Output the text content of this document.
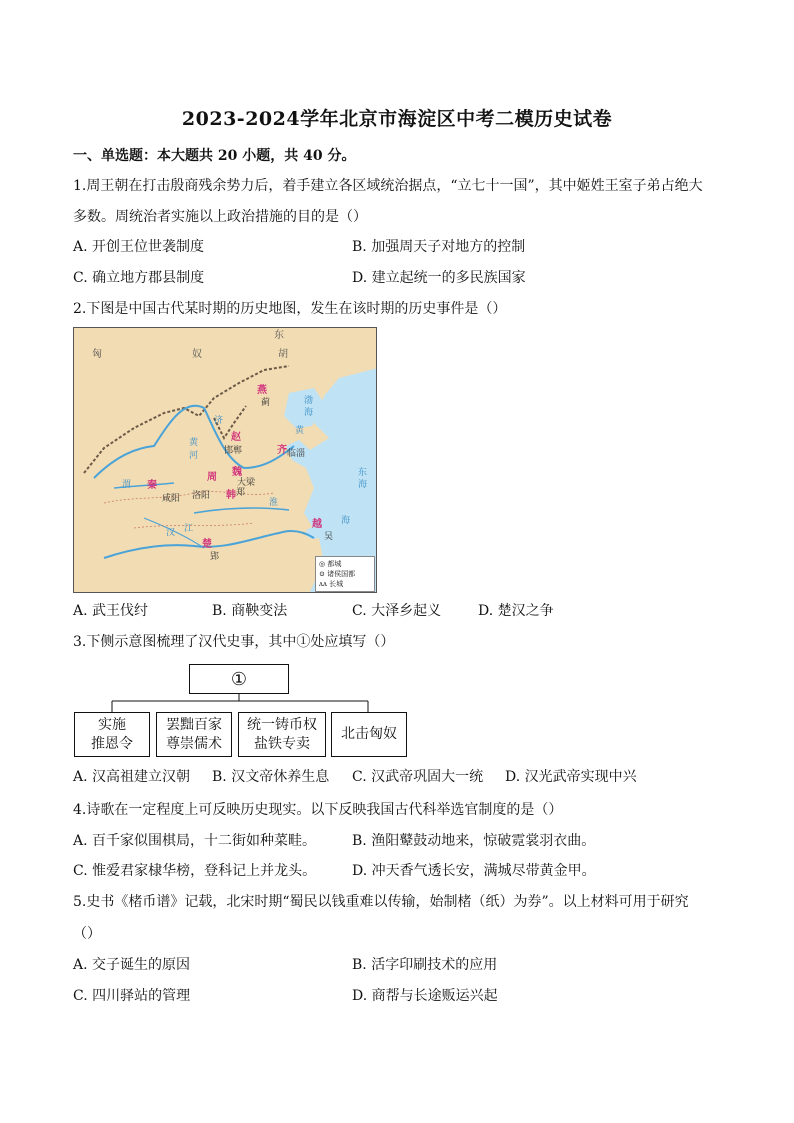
2023-2024学年北京市海淀区中考二模历史试卷
一、单选题：本大题共 20 小题，共 40 分。
1.周王朝在打击殷商残余势力后，着手建立各区域统治据点，“立七十一国”，其中姬姓王室子弟占绝大
多数。周统治者实施以上政治措施的目的是（）
A. 开创王位世袭制度	B. 加强周天子对地方的控制
C. 确立地方郡县制度	D. 建立起统一的多民族国家
2.下图是中国古代某时期的历史地图，发生在该时期的历史事件是（）
匈	奴
东
胡
燕
赵
齐
秦
魏
韩
楚
越
周
蓟
邯郸	临淄
咸阳 洛阳
大梁
郑
郢
吴
渭
济
黄
河
江
淮
汉
渤
海
黄
海
东
海
◎ 都城
⊙ 诸侯国都
ʌʌ 长城
A. 武王伐纣	B. 商鞅变法	C. 大泽乡起义	D. 楚汉之争
3.下侧示意图梳理了汉代史事，其中①处应填写（）
①
实施
推恩令
罢黜百家
尊崇儒术
统一铸币权
盐铁专卖
北击匈奴
A. 汉高祖建立汉朝 B. 汉文帝休养生息 C. 汉武帝巩固大一统 D. 汉光武帝实现中兴
4.诗歌在一定程度上可反映历史现实。以下反映我国古代科举选官制度的是（）
A. 百千家似围棋局，十二街如种菜畦。	B. 渔阳鼙鼓动地来，惊破霓裳羽衣曲。
C. 惟爱君家棣华榜，登科记上并龙头。	D. 冲天香气透长安，满城尽带黄金甲。
5.史书《楮币谱》记载，北宋时期“蜀民以钱重难以传输，始制楮（纸）为券”。以上材料可用于研究
（）
A. 交子诞生的原因	B. 活字印刷技术的应用
C. 四川驿站的管理	D. 商帮与长途贩运兴起
